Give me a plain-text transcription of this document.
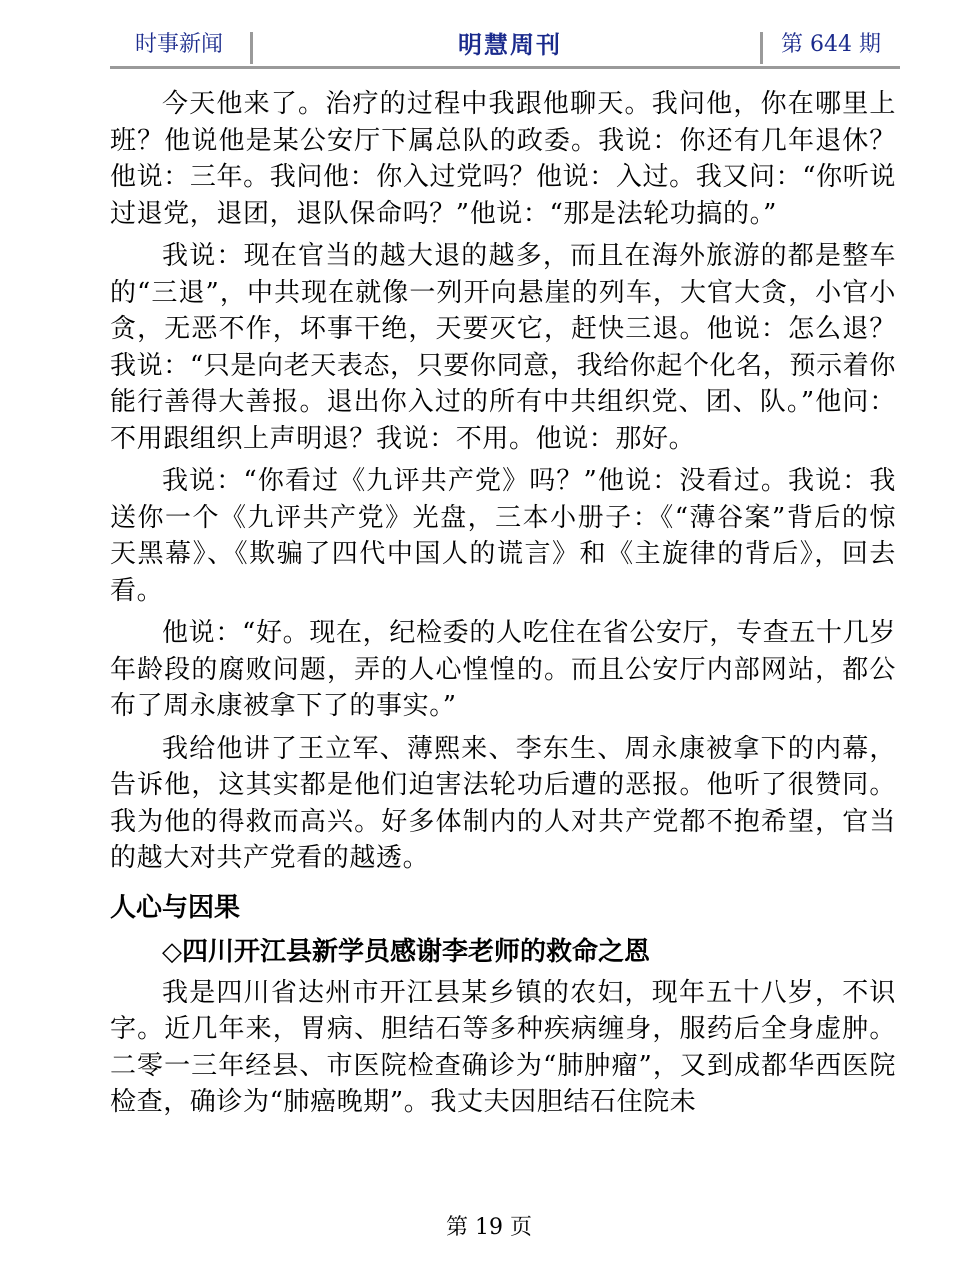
时事新闻	明慧周刊	第 644 期

今天他来了。治疗的过程中我跟他聊天。我问他，你在哪里上班？他说他是某公安厅下属总队的政委。我说：你还有几年退休？他说：三年。我问他：你入过党吗？他说：入过。我又问：“你听说过退党，退团，退队保命吗？”他说：“那是法轮功搞的。”

我说：现在官当的越大退的越多，而且在海外旅游的都是整车的“三退”，中共现在就像一列开向悬崖的列车，大官大贪，小官小贪，无恶不作，坏事干绝，天要灭它，赶快三退。他说：怎么退？我说：“只是向老天表态，只要你同意，我给你起个化名，预示着你能行善得大善报。退出你入过的所有中共组织党、团、队。”他问：不用跟组织上声明退？我说：不用。他说：那好。

我说：“你看过《九评共产党》吗？”他说：没看过。我说：我送你一个《九评共产党》光盘，三本小册子：《“薄谷案”背后的惊天黑幕》、《欺骗了四代中国人的谎言》和《主旋律的背后》，回去看。

他说：“好。现在，纪检委的人吃住在省公安厅，专查五十几岁年龄段的腐败问题，弄的人心惶惶的。而且公安厅内部网站，都公布了周永康被拿下了的事实。”

我给他讲了王立军、薄熙来、李东生、周永康被拿下的内幕，告诉他，这其实都是他们迫害法轮功后遭的恶报。他听了很赞同。我为他的得救而高兴。好多体制内的人对共产党都不抱希望，官当的越大对共产党看的越透。

人心与因果
◇四川开江县新学员感谢李老师的救命之恩

我是四川省达州市开江县某乡镇的农妇，现年五十八岁，不识字。近几年来，胃病、胆结石等多种疾病缠身，服药后全身虚肿。二零一三年经县、市医院检查确诊为“肺肿瘤”，又到成都华西医院检查，确诊为“肺癌晚期”。我丈夫因胆结石住院未

第 19 页
